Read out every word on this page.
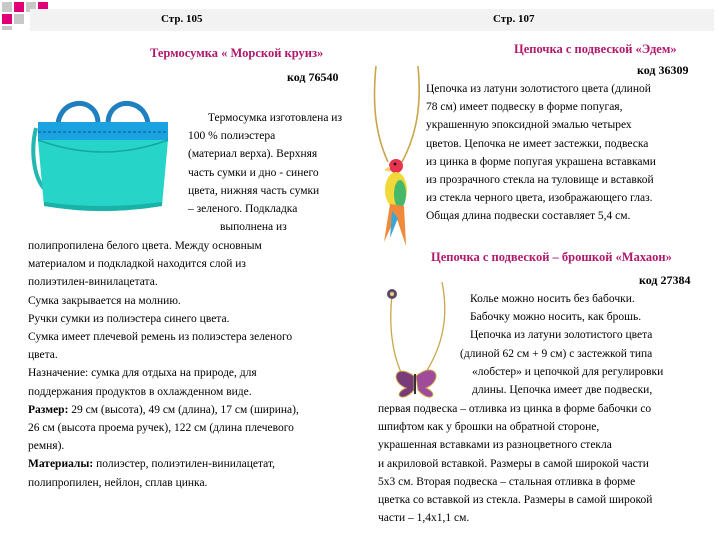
Стр. 105	Стр. 107
Термосумка « Морской круиз»
код 76540

Термосумка изготовлена из

100 % полиэстера

(материал верха). Верхняя

часть сумки и дно - синего

цвета, нижняя часть сумки

– зеленого. Подкладка

выполнена из

полипропилена белого цвета. Между основным

материалом и подкладкой находится слой из

полиэтилен-винилацетата.

Сумка закрывается на молнию.

Ручки сумки из полиэстера синего цвета.

Сумка имеет плечевой ремень из полиэстера зеленого

цвета.

Назначение: сумка для отдыха на природе, для

поддержания продуктов в охлажденном виде.

Размер: 29 см (высота), 49 см (длина), 17 см (ширина),

26 см (высота проема ручек), 122 см (длина плечевого

ремня).

Материалы: полиэстер, полиэтилен-винилацетат,

полипропилен, нейлон, сплав цинка.

Цепочка с подвеской «Эдем»
код 36309

Цепочка из латуни золотистого цвета (длиной

78 см) имеет подвеску в форме попугая,

украшенную эпоксидной эмалью четырех

цветов. Цепочка не имеет застежки, подвеска

из цинка в форме попугая украшена вставками

из прозрачного стекла на туловище и вставкой

из стекла черного цвета, изображающего глаз.

Общая длина подвески составляет 5,4 см.

Цепочка с подвеской – брошкой «Махаон»
код 27384

Колье можно носить без бабочки.

Бабочку можно носить, как брошь.

Цепочка из латуни золотистого цвета

(длиной 62 см + 9 см) с застежкой типа

«лобстер» и цепочкой для регулировки

длины. Цепочка имеет две подвески,

первая подвеска – отливка из цинка в форме бабочки со

шпифтом как у брошки на обратной стороне,

украшенная вставками из разноцветного стекла

и акриловой вставкой. Размеры в самой широкой части

5х3 см. Вторая подвеска – стальная отливка в форме

цветка со вставкой из стекла. Размеры в самой широкой

части – 1,4х1,1 см.
